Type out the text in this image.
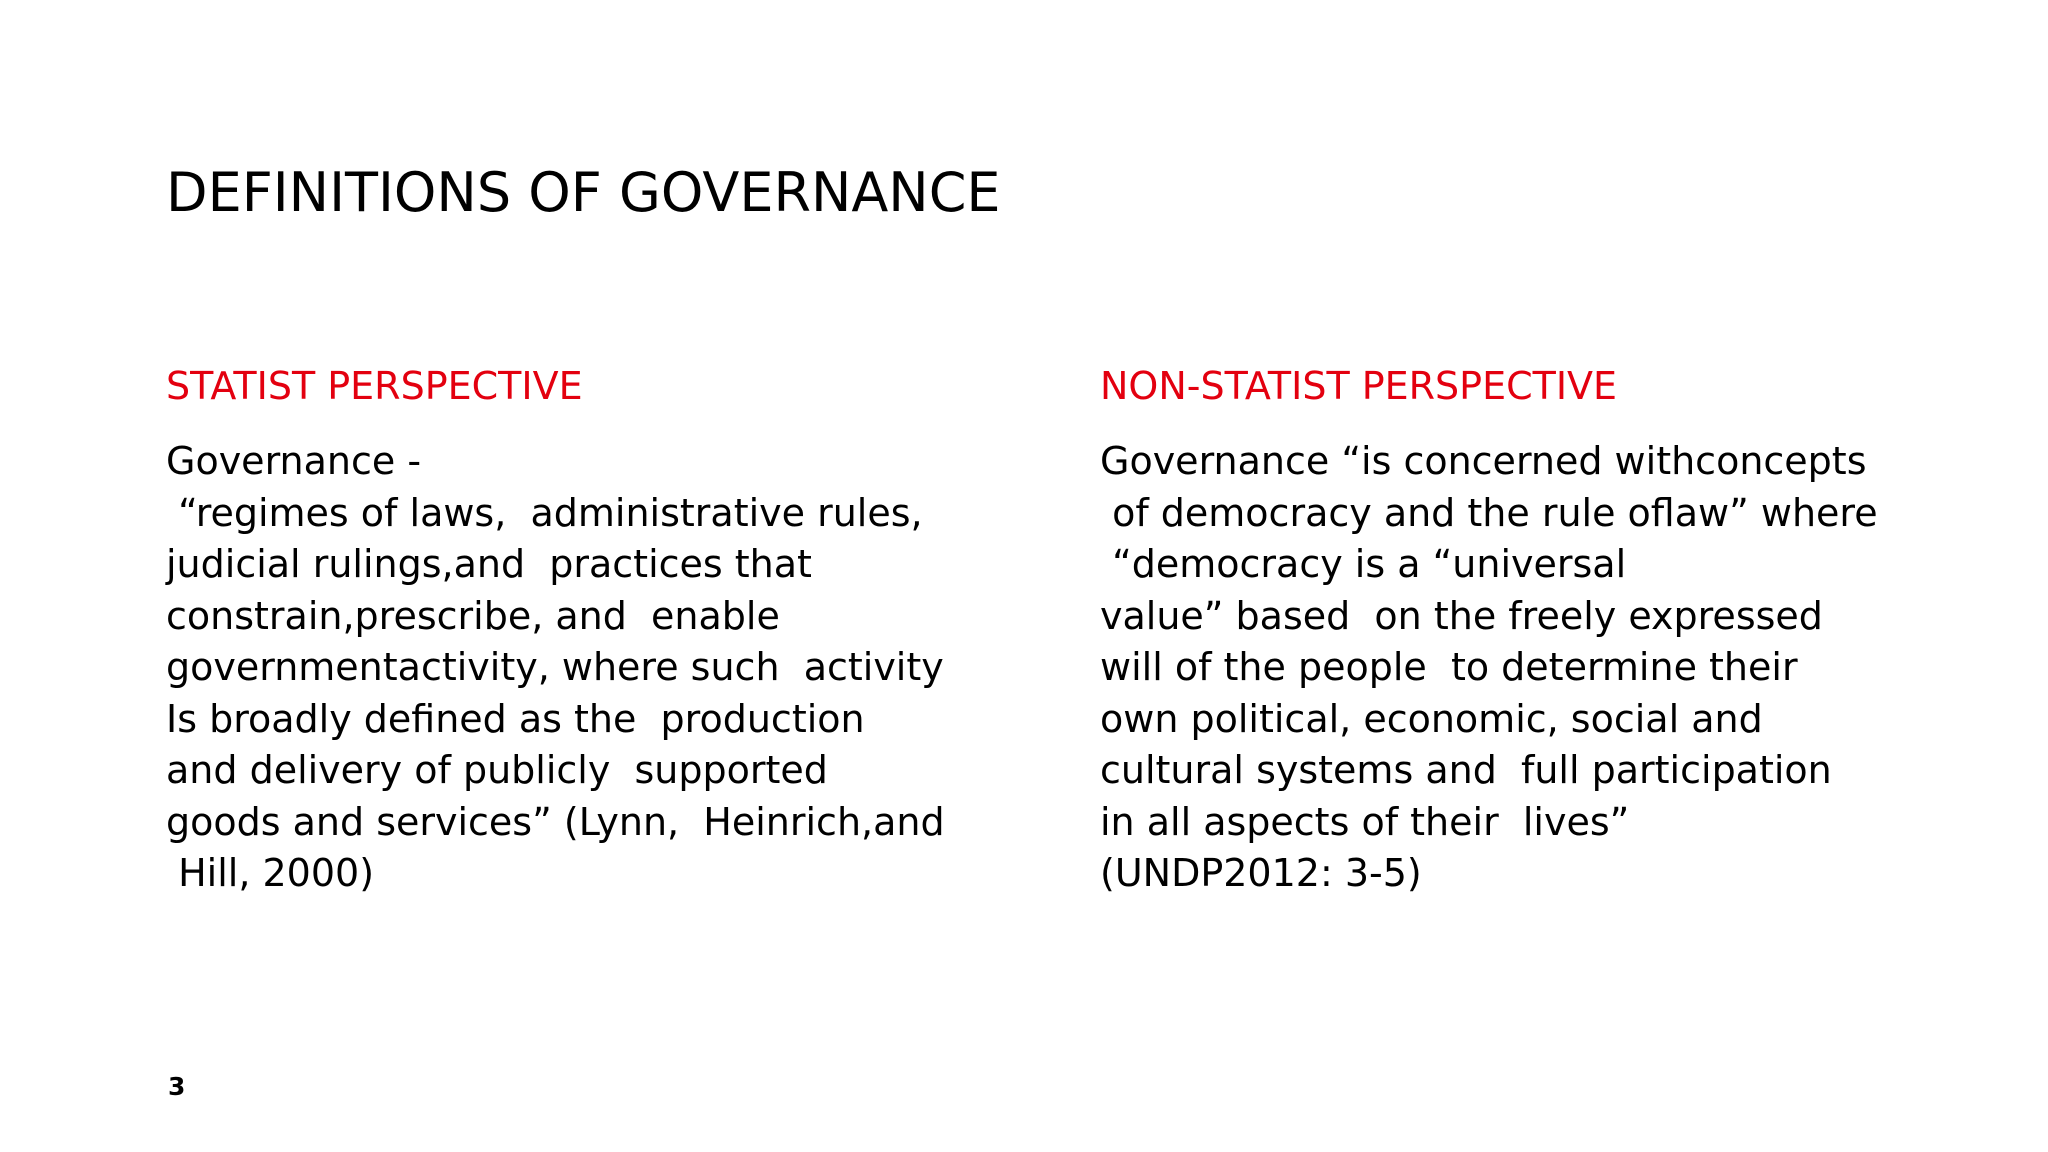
DEFINITIONS OF GOVERNANCE
STATIST PERSPECTIVE
Governance -
“regimes of laws,  administrative rules,
judicial rulings,and  practices that
constrain,prescribe, and  enable
governmentactivity, where such  activity
Is broadly defined as the  production
and delivery of publicly  supported
goods and services” (Lynn,  Heinrich,and
Hill, 2000)
NON-STATIST PERSPECTIVE
Governance “is concerned withconcepts
of democracy and the rule oflaw” where
“democracy is a “universal
value” based  on the freely expressed
will of the people  to determine their
own political, economic, social and
cultural systems and  full participation
in all aspects of their  lives”
(UNDP2012: 3-5)
3
